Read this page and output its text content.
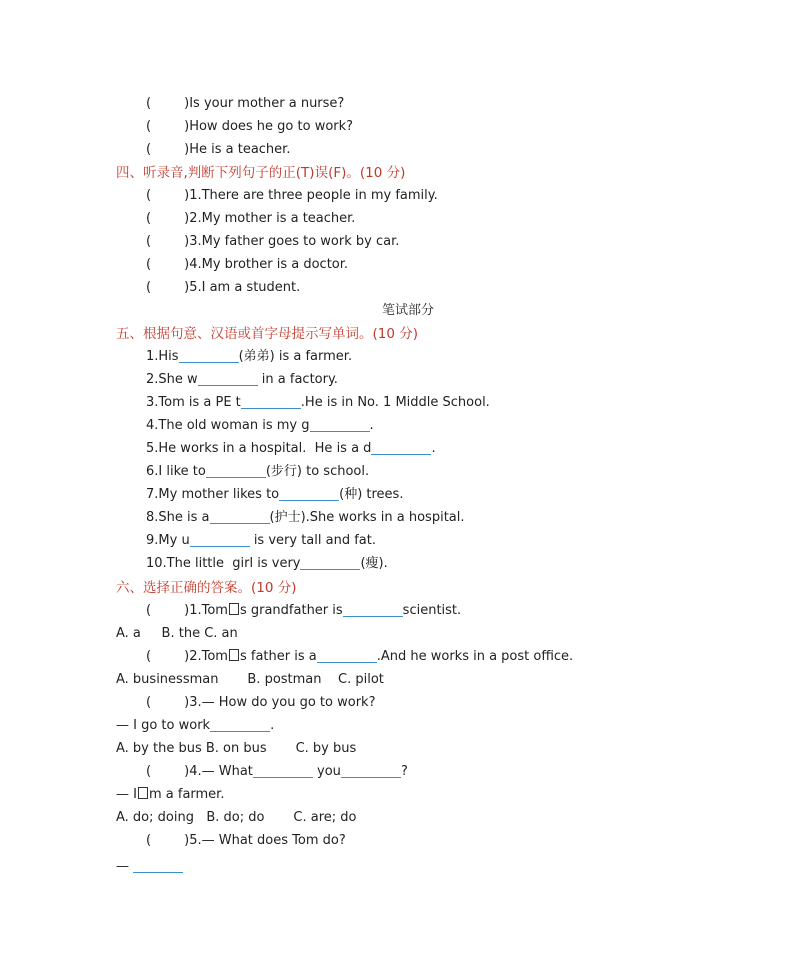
(        )Is your mother a nurse?
(        )How does he go to work?
(        )He is a teacher.
四、听录音,判断下列句子的正(T)误(F)。(10 分)
(        )1.There are three people in my family.
(        )2.My mother is a teacher.
(        )3.My father goes to work by car.
(        )4.My brother is a doctor.
(        )5.I am a student.
笔试部分
五、根据句意、汉语或首字母提示写单词。(10 分)
1.His	(弟弟) is a farmer.
2.She w	in a factory.
3.Tom is a PE t	.He is in No. 1 Middle School.
4.The old woman is my g	.
5.He works in a hospital.  He is a d	.
6.I like to	(步行) to school.
7.My mother likes to	(种) trees.
8.She is a	(护士).She works in a hospital.
9.My u	is very tall and fat.
10.The little  girl is very	(瘦).
六、选择正确的答案。(10 分)
(        )1.Tom s grandfather is	scientist.
A. a     B. the C. an
(        )2.Tom s father is a	.And he works in a post office.
A. businessman       B. postman    C. pilot
(        )3.— How do you go to work?
— I go to work	.
A. by the bus B. on bus       C. by bus
(        )4.— What	you	?
— I m a farmer.
A. do; doing   B. do; do       C. are; do
(        )5.— What does Tom do?
—
